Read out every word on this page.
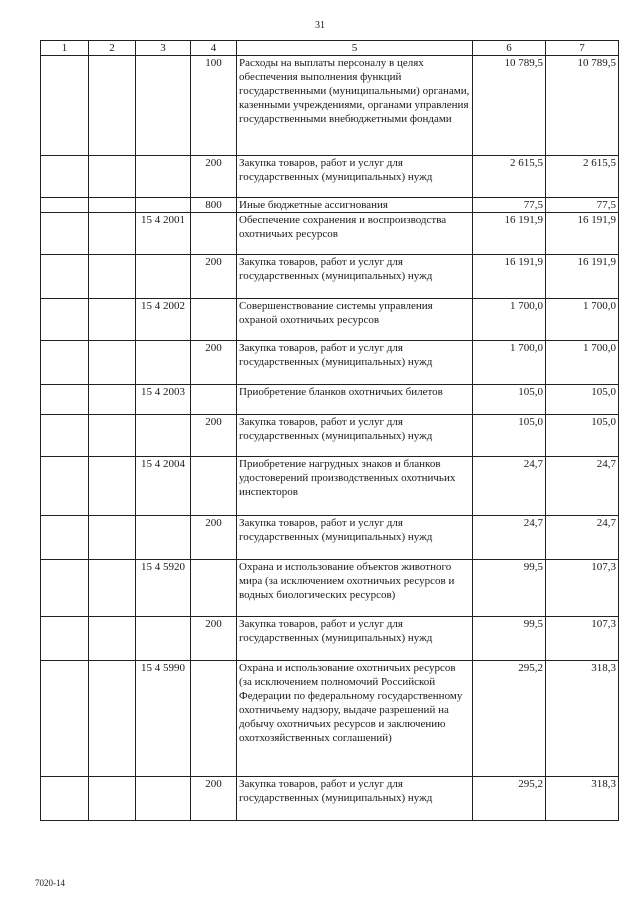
31
1	2	3	4	5	6	7
			100	Расходы на выплаты персоналу в целях обеспечения выполнения функций государственными (муниципальными) органами, казенными учреждениями, органами управления государственными внебюджетными фондами	10 789,5	10 789,5
			200	Закупка товаров, работ и услуг для государственных (муниципальных) нужд	2 615,5	2 615,5
			800	Иные бюджетные ассигнования	77,5	77,5
		15 4 2001		Обеспечение сохранения и воспроизводства охотничьих ресурсов	16 191,9	16 191,9
			200	Закупка товаров, работ и услуг для государственных (муниципальных) нужд	16 191,9	16 191,9
		15 4 2002		Совершенствование системы управления охраной охотничьих ресурсов	1 700,0	1 700,0
			200	Закупка товаров, работ и услуг для государственных (муниципальных) нужд	1 700,0	1 700,0
		15 4 2003		Приобретение бланков охотничьих билетов	105,0	105,0
			200	Закупка товаров, работ и услуг для государственных (муниципальных) нужд	105,0	105,0
		15 4 2004		Приобретение нагрудных знаков и бланков удостоверений производственных охотничьих инспекторов	24,7	24,7
			200	Закупка товаров, работ и услуг для государственных (муниципальных) нужд	24,7	24,7
		15 4 5920		Охрана и использование объектов животного мира (за исключением охотничьих ресурсов и водных биологических ресурсов)	99,5	107,3
			200	Закупка товаров, работ и услуг для государственных (муниципальных) нужд	99,5	107,3
		15 4 5990		Охрана и использование охотничьих ресурсов (за исключением полномочий Российской Федерации по федеральному государственному охотничьему надзору, выдаче разрешений на добычу охотничьих ресурсов и заключению охотхозяйственных соглашений)	295,2	318,3
			200	Закупка товаров, работ и услуг для государственных (муниципальных) нужд	295,2	318,3
7020-14
